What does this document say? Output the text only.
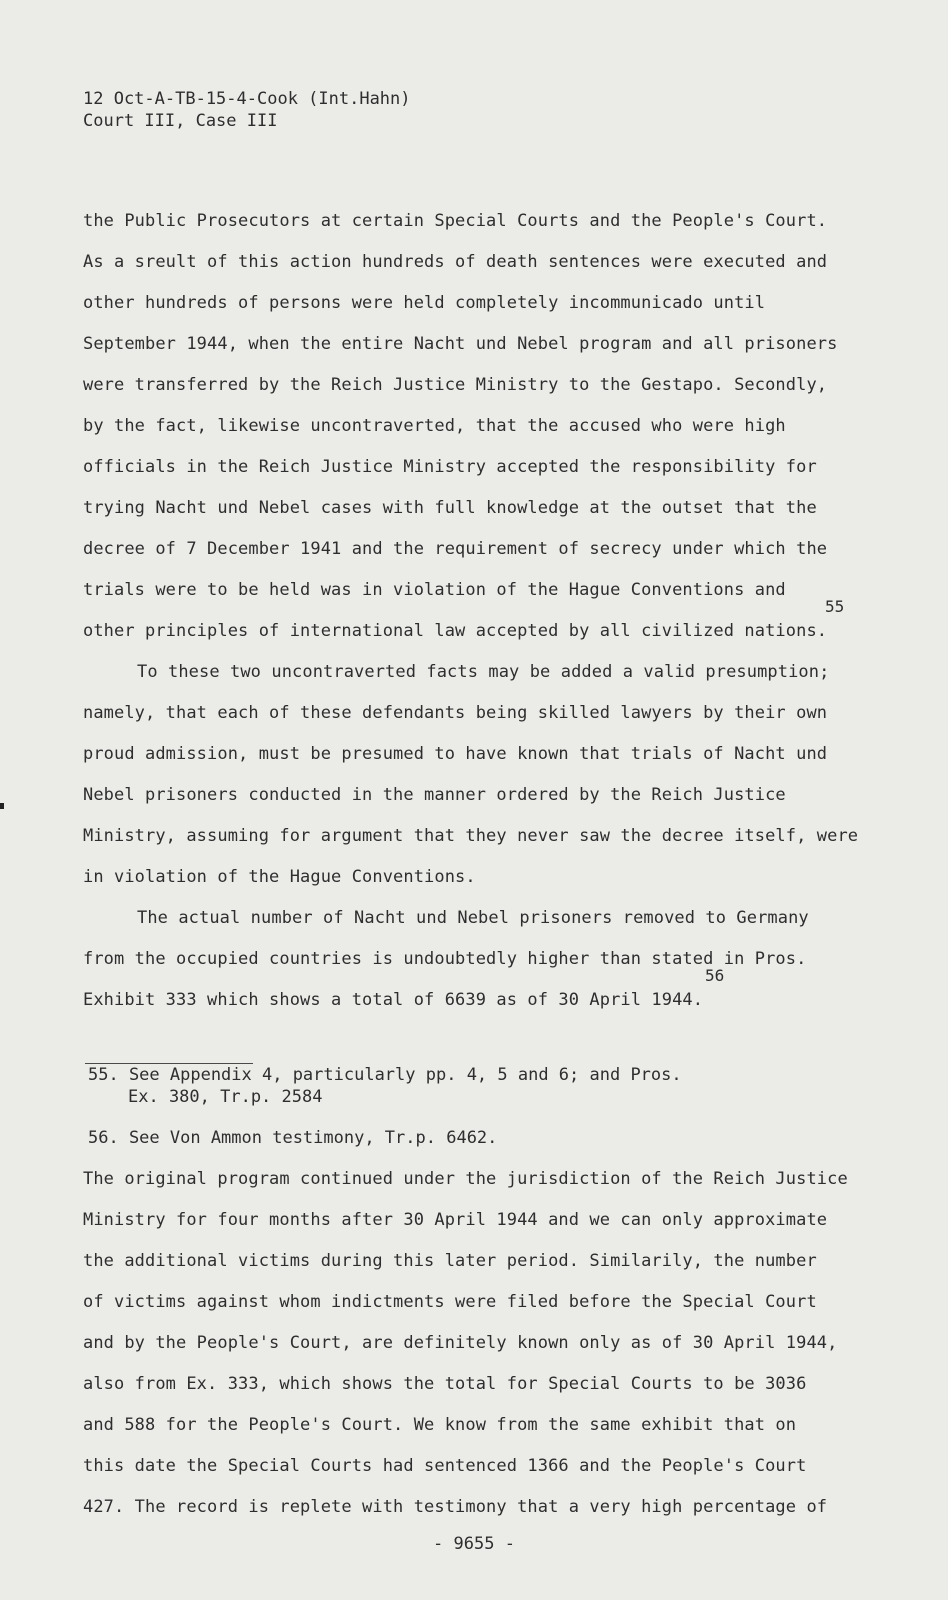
12 Oct-A-TB-15-4-Cook (Int.Hahn)
Court III, Case III
the Public Prosecutors at certain Special Courts and the People's Court.
As a sreult of this action hundreds of death sentences were executed and
other hundreds of persons were held completely incommunicado until
September 1944, when the entire Nacht und Nebel program and all prisoners
were transferred by the Reich Justice Ministry to the Gestapo. Secondly,
by the fact, likewise uncontraverted, that the accused who were high
officials in the Reich Justice Ministry accepted the responsibility for
trying Nacht und Nebel cases with full knowledge at the outset that the
decree of 7 December 1941 and the requirement of secrecy under which the
trials were to be held was in violation of the Hague Conventions and
55
other principles of international law accepted by all civilized nations.
To these two uncontraverted facts may be added a valid presumption;
namely, that each of these defendants being skilled lawyers by their own
proud admission, must be presumed to have known that trials of Nacht und
Nebel prisoners conducted in the manner ordered by the Reich Justice
Ministry, assuming for argument that they never saw the decree itself, were
in violation of the Hague Conventions.
The actual number of Nacht und Nebel prisoners removed to Germany
from the occupied countries is undoubtedly higher than stated in Pros.
56
Exhibit 333 which shows a total of 6639 as of 30 April 1944.
55. See Appendix 4, particularly pp. 4, 5 and 6; and Pros.
Ex. 380, Tr.p. 2584
56. See Von Ammon testimony, Tr.p. 6462.
The original program continued under the jurisdiction of the Reich Justice
Ministry for four months after 30 April 1944 and we can only approximate
the additional victims during this later period. Similarily, the number
of victims against whom indictments were filed before the Special Court
and by the People's Court, are definitely known only as of 30 April 1944,
also from Ex. 333, which shows the total for Special Courts to be 3036
and 588 for the People's Court. We know from the same exhibit that on
this date the Special Courts had sentenced 1366 and the People's Court
427. The record is replete with testimony that a very high percentage of
- 9655 -
